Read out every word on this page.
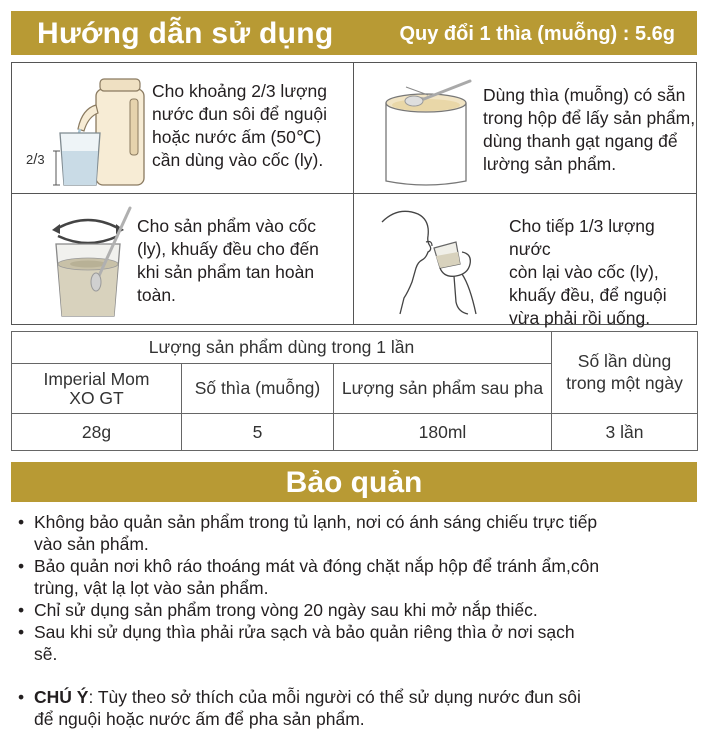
Hướng dẫn sử dụng	Quy đổi 1 thìa (muỗng) : 5.6g
2/3
Cho khoảng 2/3 lượng
nước đun sôi để nguội
hoặc nước ấm (50℃)
cần dùng vào cốc (ly).
Dùng thìa (muỗng) có sẵn
trong hộp để lấy sản phẩm,
dùng thanh gạt ngang để
lường sản phẩm.
Cho sản phẩm vào cốc
(ly), khuấy đều cho đến
khi sản phẩm tan hoàn
toàn.
Cho tiếp 1/3 lượng nước
còn lại vào cốc (ly),
khuấy đều, để nguội
vừa phải rồi uống.
Lượng sản phẩm dùng trong 1 lần			Số lần dùng
trong một ngày

Imperial Mom
XO GT	Số thìa (muỗng)	Lượng sản phẩm sau pha	
28g	5	180ml	3 lần
Bảo quản
• Không bảo quản sản phẩm trong tủ lạnh, nơi có ánh sáng chiếu trực tiếp
vào sản phẩm.
• Bảo quản nơi khô ráo thoáng mát và đóng chặt nắp hộp để tránh ẩm,côn
trùng, vật lạ lọt vào sản phẩm.
• Chỉ sử dụng sản phẩm trong vòng 20 ngày sau khi mở nắp thiếc.
• Sau khi sử dụng thìa phải rửa sạch và bảo quản riêng thìa ở nơi sạch
sẽ.
• CHÚ Ý: Tùy theo sở thích của mỗi người có thể sử dụng nước đun sôi
để nguội hoặc nước ấm để pha sản phẩm.
